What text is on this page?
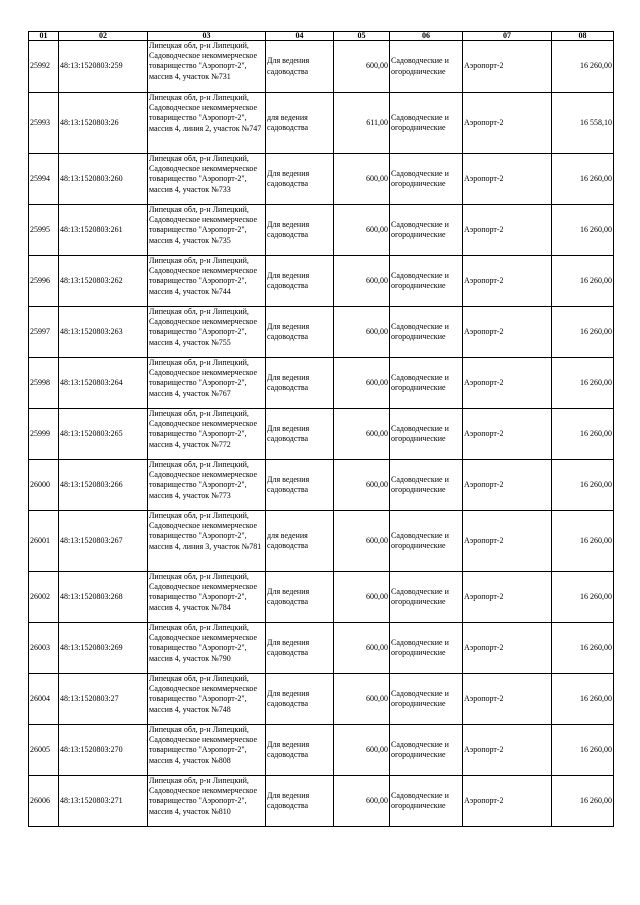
01	02	03	04	05	06	07	08

25992	48:13:1520803:259	Липецкая обл, р-н Липецкий, Садоводческое некоммерческое товарищество "Аэропорт-2", массив 4, участок №731	Для ведения садоводства	600,00	Садоводческие и огороднические	Аэропорт-2	16 260,00

25993	48:13:1520803:26	Липецкая обл, р-н Липецкий, Садоводческое некоммерческое товарищество "Аэропорт-2", массив 4, линия 2, участок №747	для ведения садоводства	611,00	Садоводческие и огороднические	Аэропорт-2	16 558,10

25994	48:13:1520803:260	Липецкая обл, р-н Липецкий, Садоводческое некоммерческое товарищество "Аэропорт-2", массив 4, участок №733	Для ведения садоводства	600,00	Садоводческие и огороднические	Аэропорт-2	16 260,00

25995	48:13:1520803:261	Липецкая обл, р-н Липецкий, Садоводческое некоммерческое товарищество "Аэропорт-2", массив 4, участок №735	Для ведения садоводства	600,00	Садоводческие и огороднические	Аэропорт-2	16 260,00

25996	48:13:1520803:262	Липецкая обл, р-н Липецкий, Садоводческое некоммерческое товарищество "Аэропорт-2", массив 4, участок №744	Для ведения садоводства	600,00	Садоводческие и огороднические	Аэропорт-2	16 260,00

25997	48:13:1520803:263	Липецкая обл, р-н Липецкий, Садоводческое некоммерческое товарищество "Аэропорт-2", массив 4, участок №755	Для ведения садоводства	600,00	Садоводческие и огороднические	Аэропорт-2	16 260,00

25998	48:13:1520803:264	Липецкая обл, р-н Липецкий, Садоводческое некоммерческое товарищество "Аэропорт-2", массив 4, участок №767	Для ведения садоводства	600,00	Садоводческие и огороднические	Аэропорт-2	16 260,00

25999	48:13:1520803:265	Липецкая обл, р-н Липецкий, Садоводческое некоммерческое товарищество "Аэропорт-2", массив 4, участок №772	Для ведения садоводства	600,00	Садоводческие и огороднические	Аэропорт-2	16 260,00

26000	48:13:1520803:266	Липецкая обл, р-н Липецкий, Садоводческое некоммерческое товарищество "Аэропорт-2", массив 4, участок №773	Для ведения садоводства	600,00	Садоводческие и огороднические	Аэропорт-2	16 260,00

26001	48:13:1520803:267	Липецкая обл, р-н Липецкий, Садоводческое некоммерческое товарищество "Аэропорт-2", массив 4, линия 3, участок №781	для ведения садоводства	600,00	Садоводческие и огороднические	Аэропорт-2	16 260,00

26002	48:13:1520803:268	Липецкая обл, р-н Липецкий, Садоводческое некоммерческое товарищество "Аэропорт-2", массив 4, участок №784	Для ведения садоводства	600,00	Садоводческие и огороднические	Аэропорт-2	16 260,00

26003	48:13:1520803:269	Липецкая обл, р-н Липецкий, Садоводческое некоммерческое товарищество "Аэропорт-2", массив 4, участок №790	Для ведения садоводства	600,00	Садоводческие и огороднические	Аэропорт-2	16 260,00

26004	48:13:1520803:27	Липецкая обл, р-н Липецкий, Садоводческое некоммерческое товарищество "Аэропорт-2", массив 4, участок №748	Для ведения садоводства	600,00	Садоводческие и огороднические	Аэропорт-2	16 260,00

26005	48:13:1520803:270	Липецкая обл, р-н Липецкий, Садоводческое некоммерческое товарищество "Аэропорт-2", массив 4, участок №808	Для ведения садоводства	600,00	Садоводческие и огороднические	Аэропорт-2	16 260,00

26006	48:13:1520803:271	Липецкая обл, р-н Липецкий, Садоводческое некоммерческое товарищество "Аэропорт-2", массив 4, участок №810	Для ведения садоводства	600,00	Садоводческие и огороднические	Аэропорт-2	16 260,00
